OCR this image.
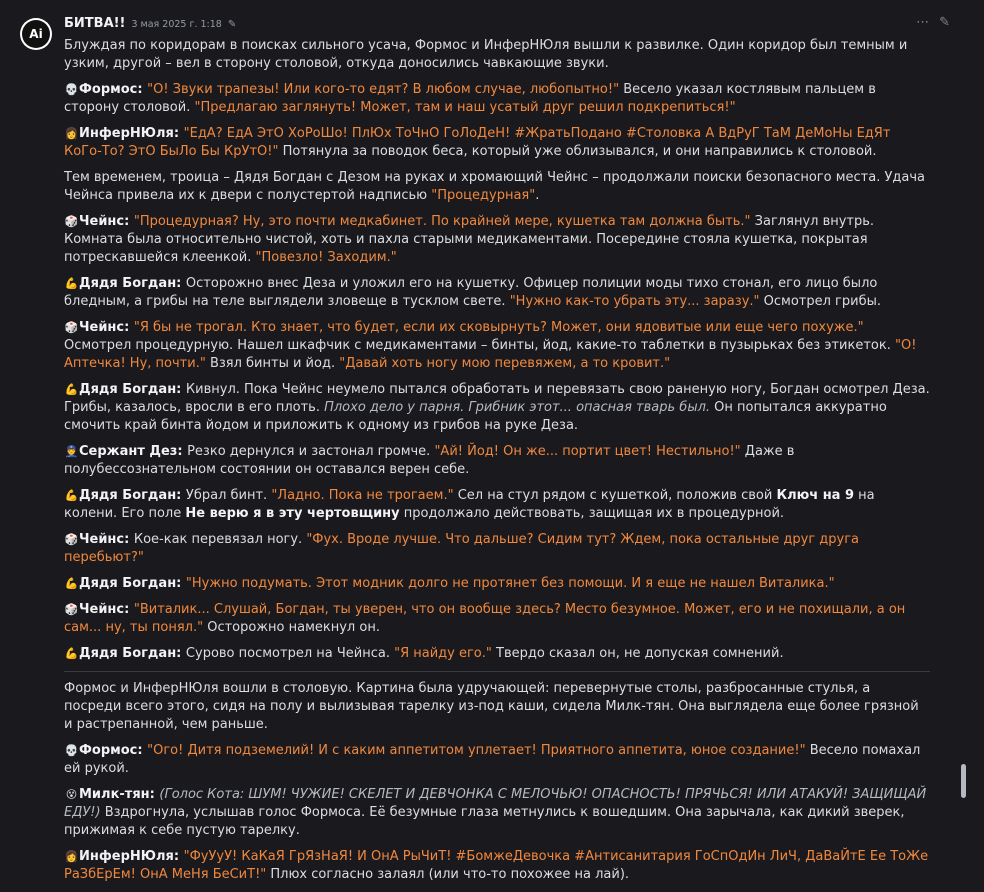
Ai
БИТВА!! 3 мая 2025 г. 1:18 ✎	⋯ ✎
Блуждая по коридорам в поисках сильного усача, Формос и ИнферНЮля вышли к развилке. Один коридор был темным и узким, другой – вел в сторону столовой, откуда доносились чавкающие звуки.
💀Формос: "О! Звуки трапезы! Или кого-то едят? В любом случае, любопытно!" Весело указал костлявым пальцем в сторону столовой. "Предлагаю заглянуть! Может, там и наш усатый друг решил подкрепиться!"
👩ИнферНЮля: "ЕдА? ЕдА ЭтО ХоРоШо! ПлЮх ТоЧнО ГоЛоДеН! #ЖратьПодано #Столовка А ВдРуГ ТаМ ДеМоНы ЕдЯт КоГо-То? ЭтО БыЛо Бы КрУтО!" Потянула за поводок беса, который уже облизывался, и они направились к столовой.
Тем временем, троица – Дядя Богдан с Дезом на руках и хромающий Чейнс – продолжали поиски безопасного места. Удача Чейнса привела их к двери с полустертой надписью "Процедурная".
🎲Чейнс: "Процедурная? Ну, это почти медкабинет. По крайней мере, кушетка там должна быть." Заглянул внутрь. Комната была относительно чистой, хоть и пахла старыми медикаментами. Посередине стояла кушетка, покрытая потрескавшейся клеенкой. "Повезло! Заходим."
💪Дядя Богдан: Осторожно внес Деза и уложил его на кушетку. Офицер полиции моды тихо стонал, его лицо было бледным, а грибы на теле выглядели зловеще в тусклом свете. "Нужно как-то убрать эту... заразу." Осмотрел грибы.
🎲Чейнс: "Я бы не трогал. Кто знает, что будет, если их сковырнуть? Может, они ядовитые или еще чего похуже." Осмотрел процедурную. Нашел шкафчик с медикаментами – бинты, йод, какие-то таблетки в пузырьках без этикеток. "О! Аптечка! Ну, почти." Взял бинты и йод. "Давай хоть ногу мою перевяжем, а то кровит."
💪Дядя Богдан: Кивнул. Пока Чейнс неумело пытался обработать и перевязать свою раненую ногу, Богдан осмотрел Деза. Грибы, казалось, вросли в его плоть. Плохо дело у парня. Грибник этот... опасная тварь был. Он попытался аккуратно смочить край бинта йодом и приложить к одному из грибов на руке Деза.
👮Сержант Дез: Резко дернулся и застонал громче. "Ай! Йод! Он же... портит цвет! Нестильно!" Даже в полубессознательном состоянии он оставался верен себе.
💪Дядя Богдан: Убрал бинт. "Ладно. Пока не трогаем." Сел на стул рядом с кушеткой, положив свой Ключ на 9 на колени. Его поле Не верю я в эту чертовщину продолжало действовать, защищая их в процедурной.
🎲Чейнс: Кое-как перевязал ногу. "Фух. Вроде лучше. Что дальше? Сидим тут? Ждем, пока остальные друг друга перебьют?"
💪Дядя Богдан: "Нужно подумать. Этот модник долго не протянет без помощи. И я еще не нашел Виталика."
🎲Чейнс: "Виталик... Слушай, Богдан, ты уверен, что он вообще здесь? Место безумное. Может, его и не похищали, а он сам... ну, ты понял." Осторожно намекнул он.
💪Дядя Богдан: Сурово посмотрел на Чейнса. "Я найду его." Твердо сказал он, не допуская сомнений.
Формос и ИнферНЮля вошли в столовую. Картина была удручающей: перевернутые столы, разбросанные стулья, а посреди всего этого, сидя на полу и вылизывая тарелку из-под каши, сидела Милк-тян. Она выглядела еще более грязной и растрепанной, чем раньше.
💀Формос: "Ого! Дитя подземелий! И с каким аппетитом уплетает! Приятного аппетита, юное создание!" Весело помахал ей рукой.
😵 Милк-тян: (Голос Кота: ШУМ! ЧУЖИЕ! СКЕЛЕТ И ДЕВЧОНКА С МЕЛОЧЬЮ! ОПАСНОСТЬ! ПРЯЧЬСЯ! ИЛИ АТАКУЙ! ЗАЩИЩАЙ ЕДУ!) Вздрогнула, услышав голос Формоса. Её безумные глаза метнулись к вошедшим. Она зарычала, как дикий зверек, прижимая к себе пустую тарелку.
👩ИнферНЮля: "ФуУуУ! КаКаЯ ГрЯзНаЯ! И ОнА РыЧиТ! #БомжеДевочка #Антисанитария ГоСпОдИн ЛиЧ, ДаВаЙтЕ Ее ТоЖе РаЗбЕрЕм! ОнА МеНя БеСиТ!" Плюх согласно залаял (или что-то похожее на лай).
